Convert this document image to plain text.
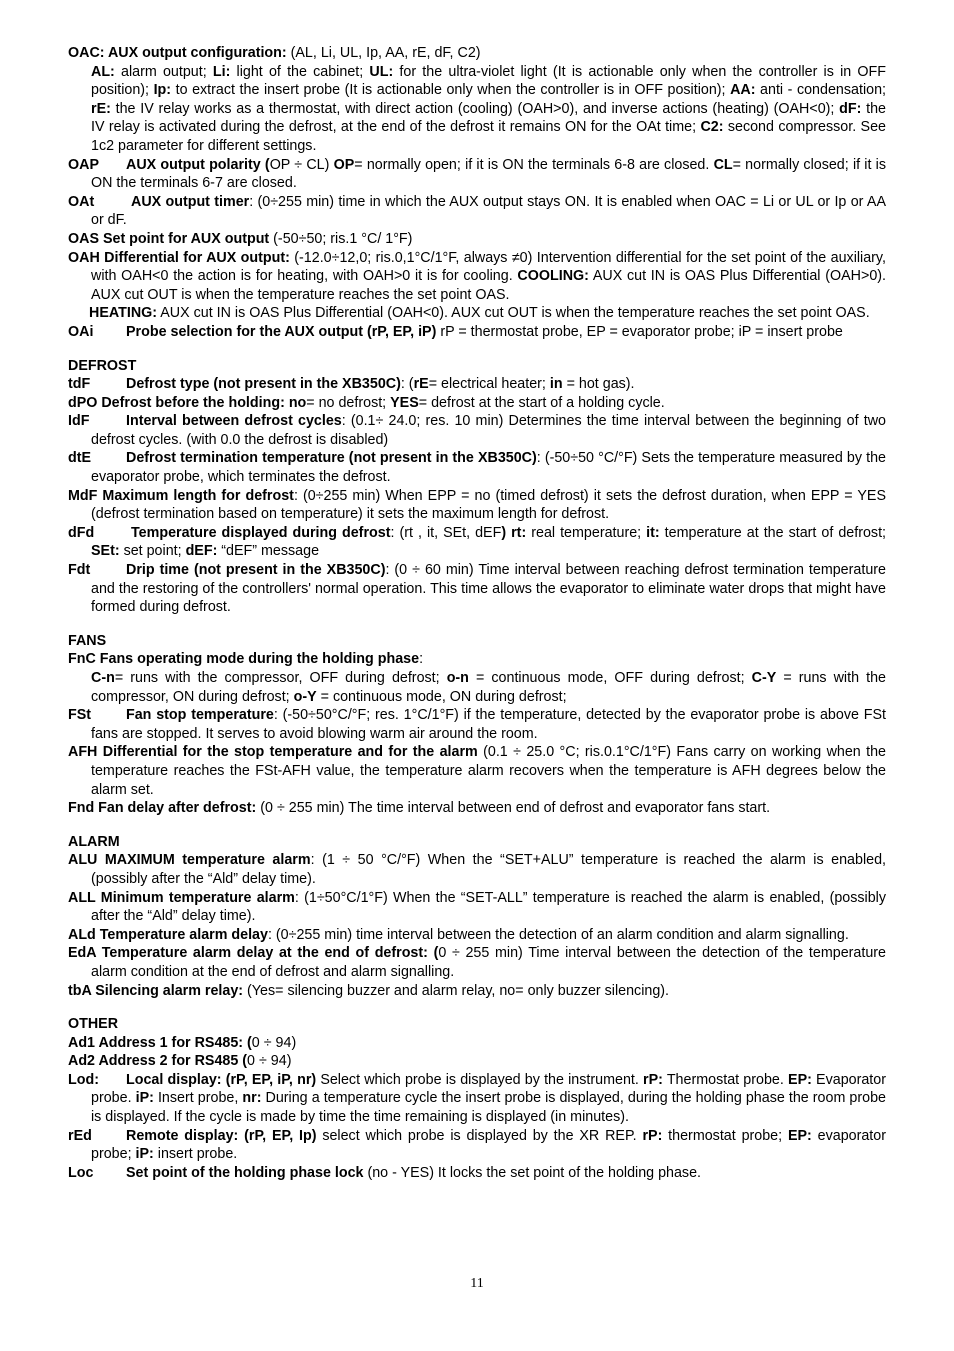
OAC: AUX output configuration: (AL, Li, UL, Ip, AA, rE, dF, C2)

AL: alarm output; Li: light of the cabinet; UL: for the ultra-violet light (It is actionable only when the controller is in OFF position); Ip: to extract the insert probe (It is actionable only when the controller is in OFF position); AA: anti - condensation; rE: the IV relay works as a thermostat, with direct action (cooling) (OAH>0), and inverse actions (heating) (OAH<0); dF: the IV relay is activated during the defrost, at the end of the defrost it remains ON for the OAt time; C2: second compressor. See 1c2 parameter for different settings.

OAP AUX output polarity (OP ÷ CL) OP= normally open; if it is ON the terminals 6-8 are closed. CL= normally closed; if it is ON the terminals 6-7 are closed.

OAt	AUX output timer: (0÷255 min) time in which the AUX output stays ON. It is enabled when OAC = Li or UL or Ip or AA or dF.

OAS Set point for AUX output (-50÷50; ris.1 °C/ 1°F)

OAH Differential for AUX output: (-12.0÷12,0; ris.0,1°C/1°F, always ≠0) Intervention differential for the set point of the auxiliary, with OAH<0 the action is for heating, with OAH>0 it is for cooling. COOLING: AUX cut IN is OAS Plus Differential (OAH>0). AUX cut OUT is when the temperature reaches the set point OAS.

HEATING: AUX cut IN is OAS Plus Differential (OAH<0). AUX cut OUT is when the temperature reaches the set point OAS.

OAi Probe selection for the AUX output (rP, EP, iP) rP = thermostat probe, EP = evaporator probe; iP = insert probe

DEFROST

tdF	Defrost type (not present in the XB350C): (rE= electrical heater; in = hot gas).

dPO Defrost before the holding: no= no defrost; YES= defrost at the start of a holding cycle.

IdF	Interval between defrost cycles: (0.1÷ 24.0; res. 10 min) Determines the time interval between the beginning of two defrost cycles. (with 0.0 the defrost is disabled)

dtE Defrost termination temperature (not present in the XB350C): (-50÷50 °C/°F) Sets the temperature measured by the evaporator probe, which terminates the defrost.

MdF Maximum length for defrost: (0÷255 min) When EPP = no (timed defrost) it sets the defrost duration, when EPP = YES (defrost termination based on temperature) it sets the maximum length for defrost.

dFd	Temperature displayed during defrost: (rt , it, SEt, dEF) rt: real temperature; it: temperature at the start of defrost; SEt: set point; dEF: “dEF” message

Fdt	Drip time (not present in the XB350C): (0 ÷ 60 min) Time interval between reaching defrost termination temperature and the restoring of the controllers' normal operation. This time allows the evaporator to eliminate water drops that might have formed during defrost.

FANS

FnC Fans operating mode during the holding phase:

C-n= runs with the compressor, OFF during defrost; o-n = continuous mode, OFF during defrost; C-Y = runs with the compressor, ON during defrost; o-Y = continuous mode, ON during defrost;

FSt Fan stop temperature: (-50÷50°C/°F; res. 1°C/1°F) if the temperature, detected by the evaporator probe is above FSt fans are stopped. It serves to avoid blowing warm air around the room.

AFH Differential for the stop temperature and for the alarm (0.1 ÷ 25.0 °C; ris.0.1°C/1°F) Fans carry on working when the temperature reaches the FSt-AFH value, the temperature alarm recovers when the temperature is AFH degrees below the alarm set.

Fnd Fan delay after defrost: (0 ÷ 255 min) The time interval between end of defrost and evaporator fans start.

ALARM

ALU MAXIMUM temperature alarm: (1 ÷ 50 °C/°F) When the “SET+ALU” temperature is reached the alarm is enabled, (possibly after the “Ald” delay time).

ALL Minimum temperature alarm: (1÷50°C/1°F) When the “SET-ALL” temperature is reached the alarm is enabled, (possibly after the “Ald” delay time).

ALd Temperature alarm delay: (0÷255 min) time interval between the detection of an alarm condition and alarm signalling.

EdA Temperature alarm delay at the end of defrost: (0 ÷ 255 min) Time interval between the detection of the temperature alarm condition at the end of defrost and alarm signalling.

tbA Silencing alarm relay: (Yes= silencing buzzer and alarm relay, no= only buzzer silencing).

OTHER

Ad1 Address 1 for RS485: (0 ÷ 94)

Ad2 Address 2 for RS485 (0 ÷ 94)

Lod: Local display: (rP, EP, iP, nr) Select which probe is displayed by the instrument. rP: Thermostat probe. EP: Evaporator probe. iP: Insert probe, nr: During a temperature cycle the insert probe is displayed, during the holding phase the room probe is displayed. If the cycle is made by time the time remaining is displayed (in minutes).

rEd Remote display: (rP, EP, Ip) select which probe is displayed by the XR REP. rP: thermostat probe; EP: evaporator probe; iP: insert probe.

Loc Set point of the holding phase lock (no - YES) It locks the set point of the holding phase.

11
